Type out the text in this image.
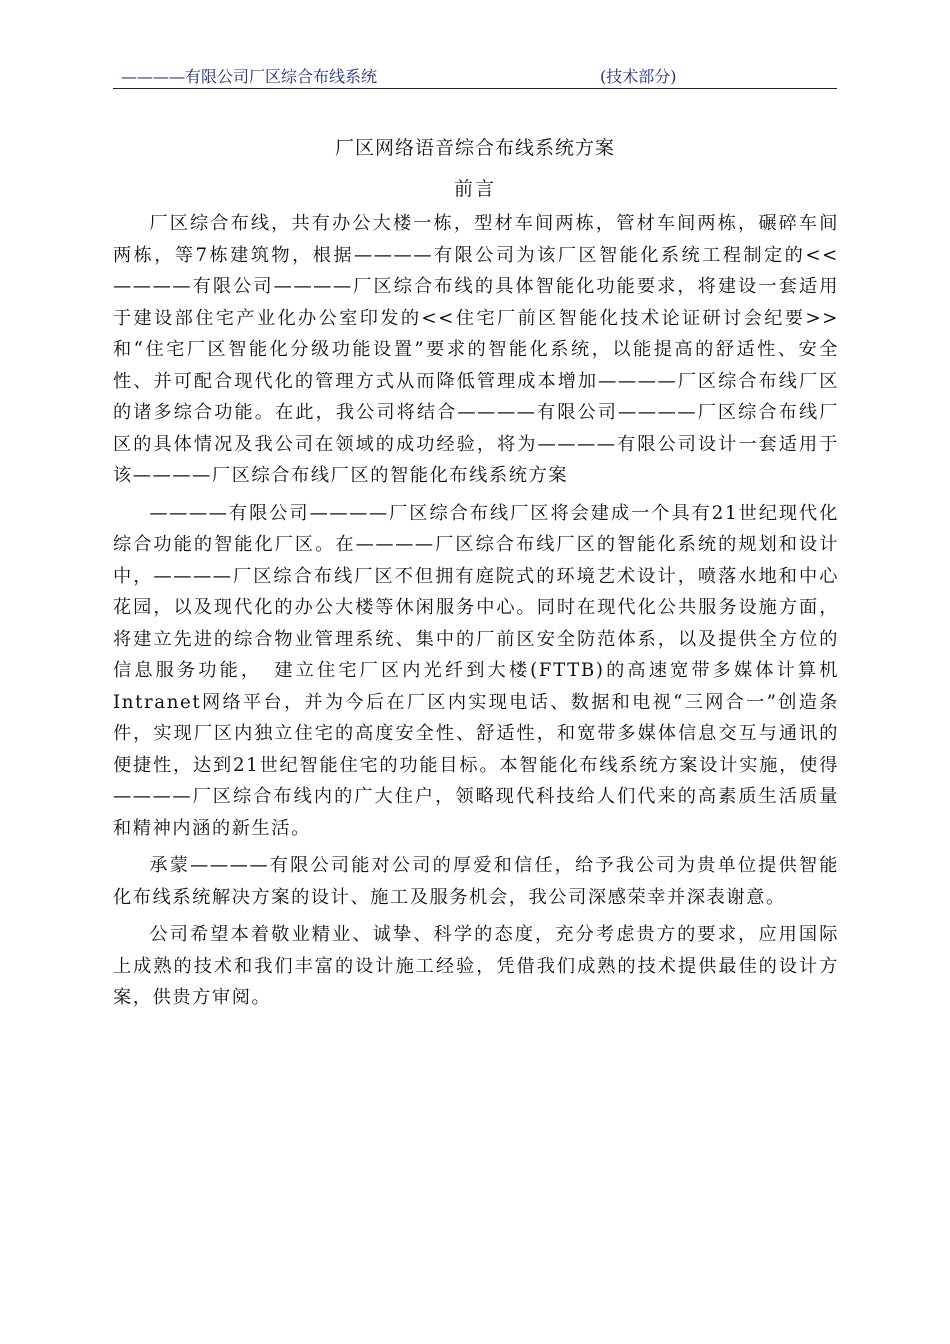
————有限公司厂区综合布线系统	(技术部分)
厂区网络语音综合布线系统方案
前言

厂区综合布线，共有办公大楼一栋，型材车间两栋，管材车间两栋，碾碎车间两栋，等7栋建筑物，根据————有限公司为该厂区智能化系统工程制定的<<————有限公司————厂区综合布线的具体智能化功能要求，将建设一套适用于建设部住宅产业化办公室印发的<<住宅厂前区智能化技术论证研讨会纪要>>和“住宅厂区智能化分级功能设置”要求的智能化系统，以能提高的舒适性、安全性、并可配合现代化的管理方式从而降低管理成本增加————厂区综合布线厂区的诸多综合功能。在此，我公司将结合————有限公司————厂区综合布线厂区的具体情况及我公司在领域的成功经验，将为————有限公司设计一套适用于该————厂区综合布线厂区的智能化布线系统方案

————有限公司————厂区综合布线厂区将会建成一个具有21世纪现代化综合功能的智能化厂区。在————厂区综合布线厂区的智能化系统的规划和设计中，————厂区综合布线厂区不但拥有庭院式的环境艺术设计，喷落水地和中心花园，以及现代化的办公大楼等休闲服务中心。同时在现代化公共服务设施方面，将建立先进的综合物业管理系统、集中的厂前区安全防范体系，以及提供全方位的信息服务功能，　建立住宅厂区内光纤到大楼(FTTB)的高速宽带多媒体计算机Intranet网络平台，并为今后在厂区内实现电话、数据和电视“三网合一”创造条件，实现厂区内独立住宅的高度安全性、舒适性，和宽带多媒体信息交互与通讯的便捷性，达到21世纪智能住宅的功能目标。本智能化布线系统方案设计实施，使得————厂区综合布线内的广大住户，领略现代科技给人们代来的高素质生活质量和精神内涵的新生活。

承蒙————有限公司能对公司的厚爱和信任，给予我公司为贵单位提供智能化布线系统解决方案的设计、施工及服务机会，我公司深感荣幸并深表谢意。

公司希望本着敬业精业、诚挚、科学的态度，充分考虑贵方的要求，应用国际上成熟的技术和我们丰富的设计施工经验，凭借我们成熟的技术提供最佳的设计方案，供贵方审阅。
